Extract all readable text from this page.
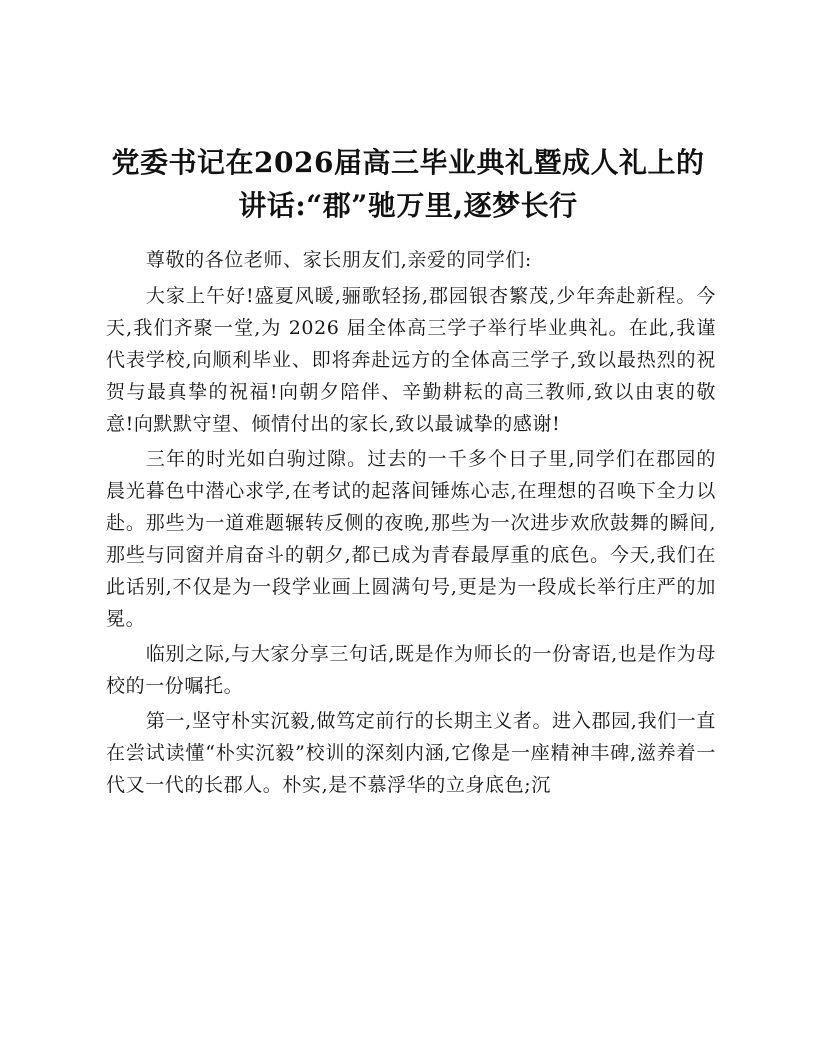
党委书记在2026届高三毕业典礼暨成人礼上的
讲话:“郡”驰万里,逐梦长行

尊敬的各位老师、家长朋友们,亲爱的同学们:

大家上午好!盛夏风暖,骊歌轻扬,郡园银杏繁茂,少年奔赴新程。今天,我们齐聚一堂,为 2026 届全体高三学子举行毕业典礼。在此,我谨代表学校,向顺利毕业、即将奔赴远方的全体高三学子,致以最热烈的祝贺与最真挚的祝福!向朝夕陪伴、辛勤耕耘的高三教师,致以由衷的敬意!向默默守望、倾情付出的家长,致以最诚挚的感谢!

三年的时光如白驹过隙。过去的一千多个日子里,同学们在郡园的晨光暮色中潜心求学,在考试的起落间锤炼心志,在理想的召唤下全力以赴。那些为一道难题辗转反侧的夜晚,那些为一次进步欢欣鼓舞的瞬间,那些与同窗并肩奋斗的朝夕,都已成为青春最厚重的底色。今天,我们在此话别,不仅是为一段学业画上圆满句号,更是为一段成长举行庄严的加冕。

临别之际,与大家分享三句话,既是作为师长的一份寄语,也是作为母校的一份嘱托。

第一,坚守朴实沉毅,做笃定前行的长期主义者。进入郡园,我们一直在尝试读懂“朴实沉毅”校训的深刻内涵,它像是一座精神丰碑,滋养着一代又一代的长郡人。朴实,是不慕浮华的立身底色;沉
